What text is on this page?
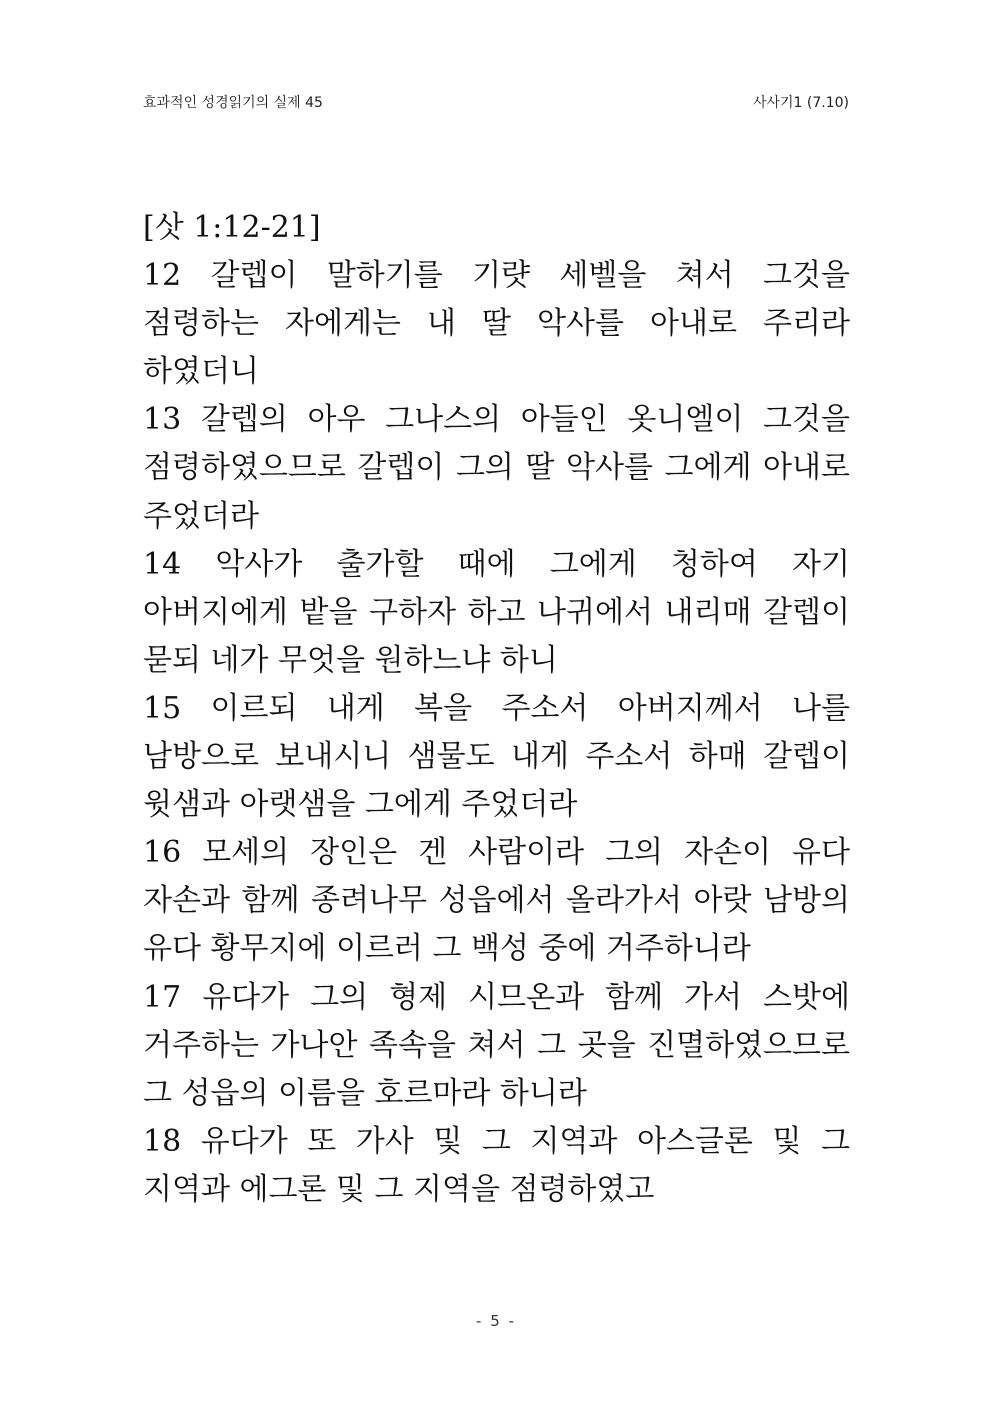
효과적인 성경읽기의 실제 45	사사기1 (7.10)
[삿 1:12-21]
12 갈렙이 말하기를 기럇 세벨을 쳐서 그것을 점령하는 자에게는 내 딸 악사를 아내로 주리라 하였더니
13 갈렙의 아우 그나스의 아들인 옷니엘이 그것을 점령하였으므로 갈렙이 그의 딸 악사를 그에게 아내로 주었더라
14 악사가 출가할 때에 그에게 청하여 자기 아버지에게 밭을 구하자 하고 나귀에서 내리매 갈렙이 묻되 네가 무엇을 원하느냐 하니
15 이르되 내게 복을 주소서 아버지께서 나를 남방으로 보내시니 샘물도 내게 주소서 하매 갈렙이 윗샘과 아랫샘을 그에게 주었더라
16 모세의 장인은 겐 사람이라 그의 자손이 유다 자손과 함께 종려나무 성읍에서 올라가서 아랏 남방의 유다 황무지에 이르러 그 백성 중에 거주하니라
17 유다가 그의 형제 시므온과 함께 가서 스밧에 거주하는 가나안 족속을 쳐서 그 곳을 진멸하였으므로 그 성읍의 이름을 호르마라 하니라
18 유다가 또 가사 및 그 지역과 아스글론 및 그 지역과 에그론 및 그 지역을 점령하였고
- 5 -
